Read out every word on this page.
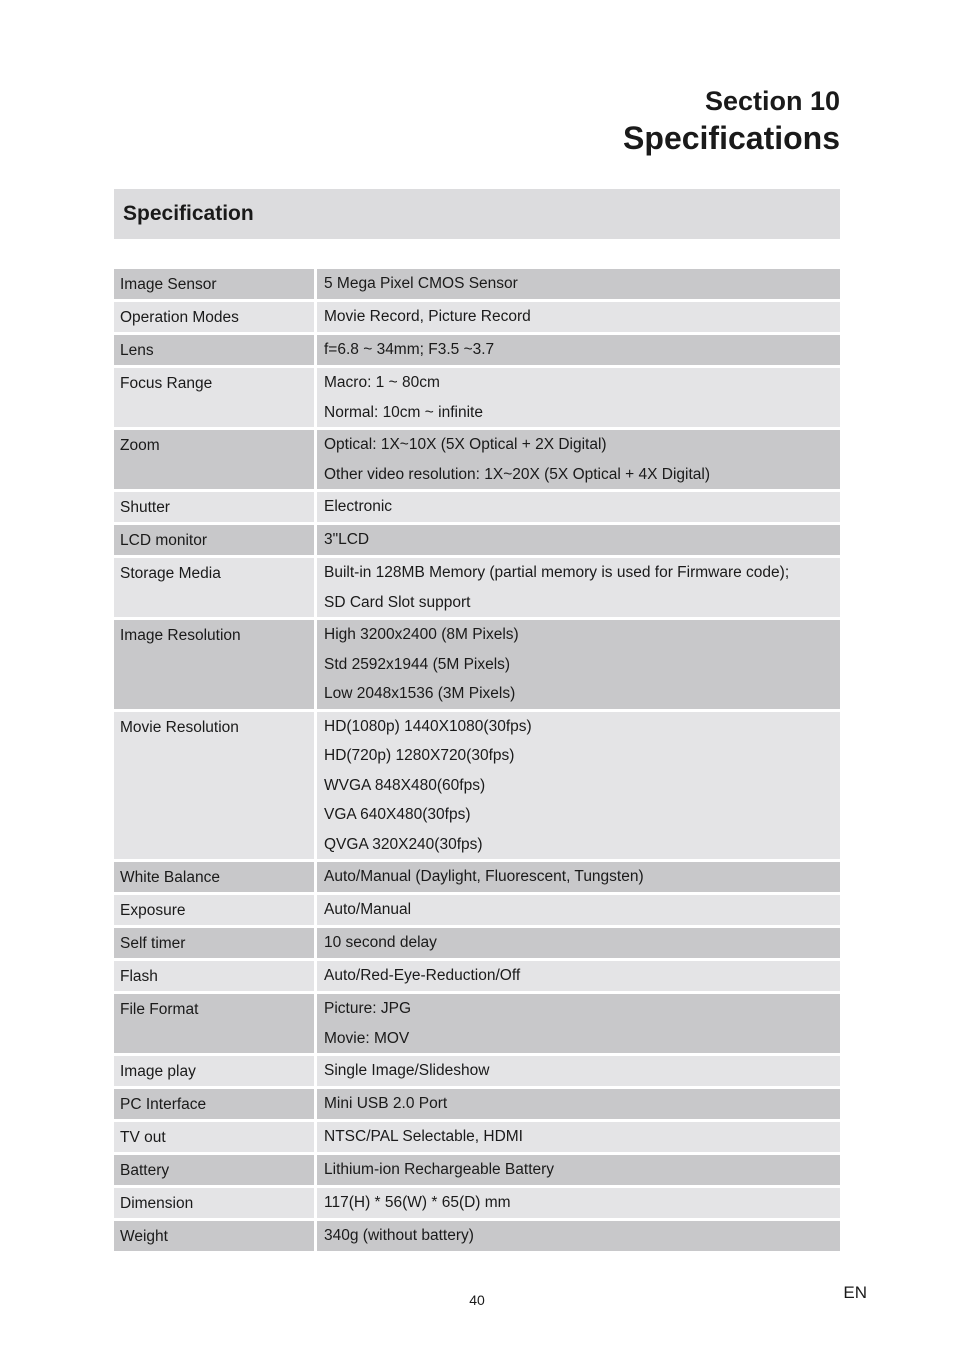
Section 10
Specifications
Specification
Image Sensor	5 Mega Pixel CMOS Sensor

Operation Modes	Movie Record, Picture Record

Lens	f=6.8 ~ 34mm; F3.5 ~3.7

Focus Range	Macro: 1 ~ 80cm
Normal: 10cm ~ infinite

Zoom	Optical: 1X~10X (5X Optical + 2X Digital)
Other video resolution: 1X~20X (5X Optical + 4X Digital)

Shutter	Electronic

LCD monitor	3"LCD

Storage Media	Built-in 128MB Memory (partial memory is used for Firmware code);
SD Card Slot support

Image Resolution	High 3200x2400 (8M Pixels)
Std 2592x1944 (5M Pixels)
Low 2048x1536 (3M Pixels)

Movie Resolution	HD(1080p) 1440X1080(30fps)
HD(720p) 1280X720(30fps)
WVGA 848X480(60fps)
VGA 640X480(30fps)
QVGA 320X240(30fps)

White Balance	Auto/Manual (Daylight, Fluorescent, Tungsten)

Exposure	Auto/Manual

Self timer	10 second delay

Flash	Auto/Red-Eye-Reduction/Off

File Format	Picture: JPG
Movie: MOV

Image play	Single Image/Slideshow

PC Interface	Mini USB 2.0 Port

TV out	NTSC/PAL Selectable, HDMI

Battery	Lithium-ion Rechargeable Battery

Dimension	117(H) * 56(W) * 65(D) mm

Weight	340g (without battery)
40	EN
